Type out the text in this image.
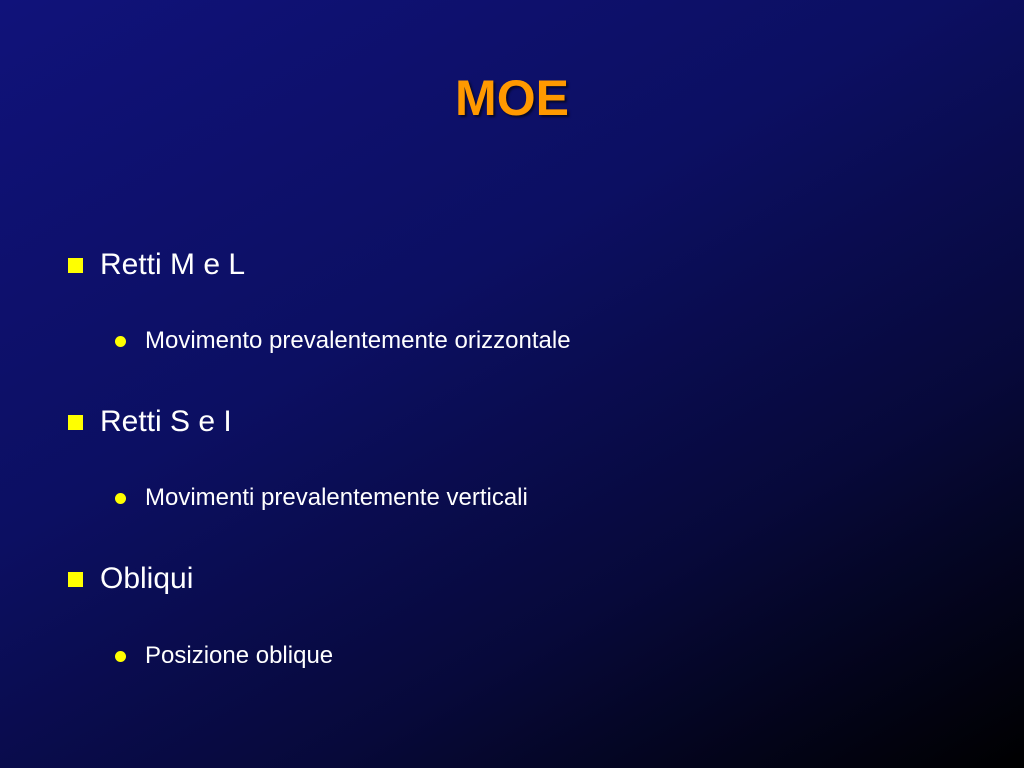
MOE
Retti M e L
Movimento prevalentemente orizzontale
Retti S e I
Movimenti prevalentemente verticali
Obliqui
Posizione oblique
